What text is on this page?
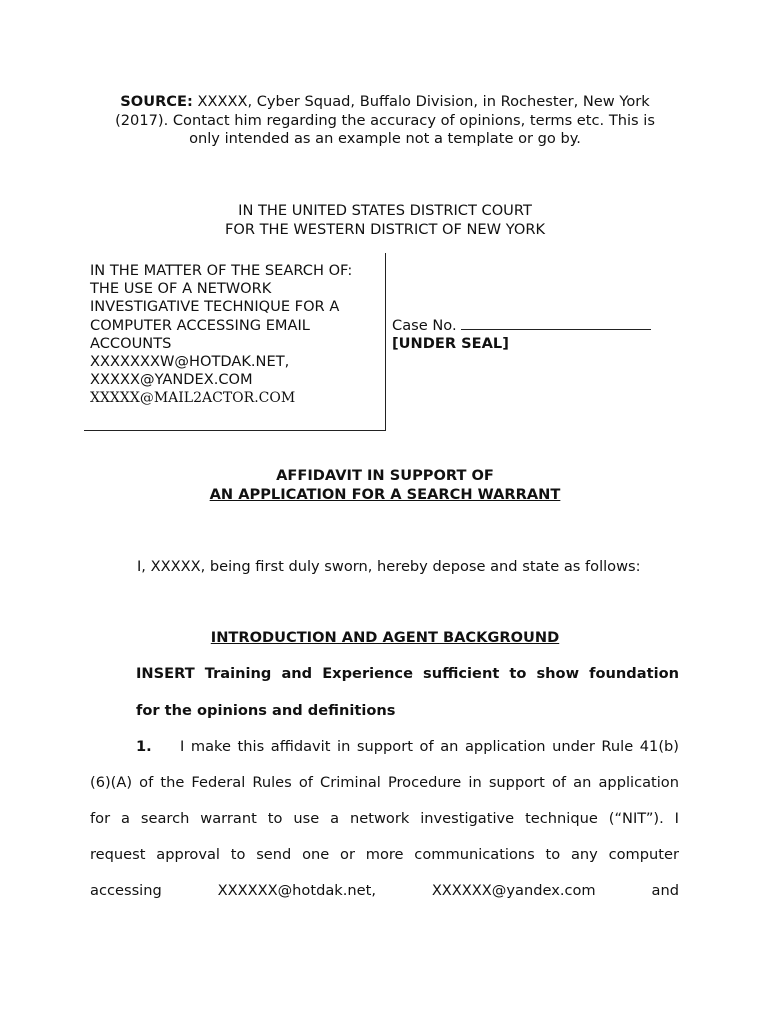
SOURCE: XXXXX, Cyber Squad, Buffalo Division, in Rochester, New York
(2017). Contact him regarding the accuracy of opinions, terms etc. This is
only intended as an example not a template or go by.
IN THE UNITED STATES DISTRICT COURT
FOR THE WESTERN DISTRICT OF NEW YORK
IN THE MATTER OF THE SEARCH OF:
THE USE OF A NETWORK
INVESTIGATIVE TECHNIQUE FOR A
COMPUTER ACCESSING EMAIL
ACCOUNTS
XXXXXXXW@HOTDAK.NET,
XXXXX@YANDEX.COM
XXXXX@MAIL2ACTOR.COM
Case No.
[UNDER SEAL]
AFFIDAVIT IN SUPPORT OF
AN APPLICATION FOR A SEARCH WARRANT
I, XXXXX, being first duly sworn, hereby depose and state as follows:
INTRODUCTION AND AGENT BACKGROUND
INSERT Training and Experience sufficient to show foundation
for the opinions and definitions
1. I make this affidavit in support of an application under Rule 41(b)
(6)(A) of the Federal Rules of Criminal Procedure in support of an application
for a search warrant to use a network investigative technique (“NIT”). I
request approval to send one or more communications to any computer
accessing	XXXXXX@hotdak.net,	XXXXXX@yandex.com	and
